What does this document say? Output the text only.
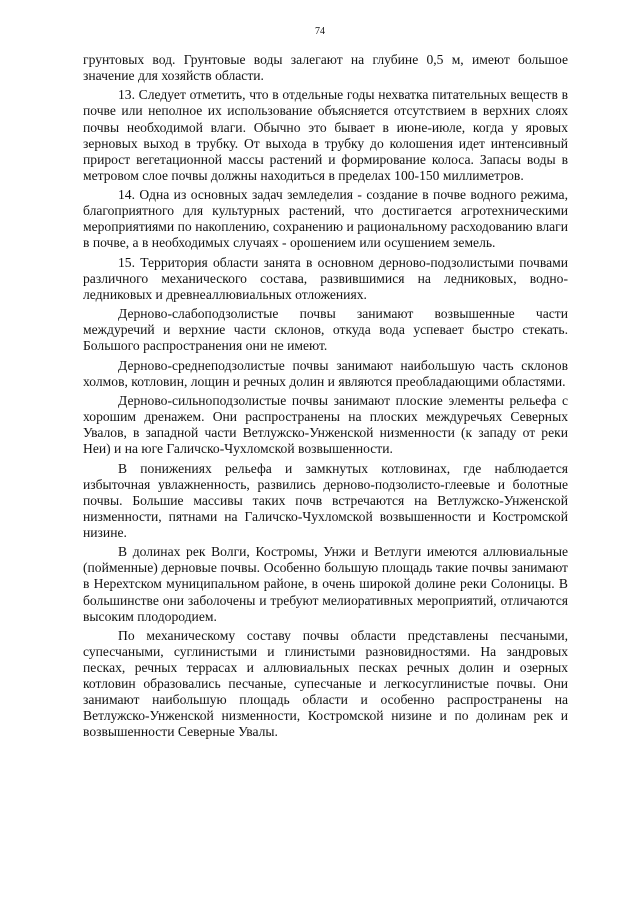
74

грунтовых вод. Грунтовые воды залегают на глубине 0,5 м, имеют большое значение для хозяйств области.

13. Следует отметить, что в отдельные годы нехватка питательных веществ в почве или неполное их использование объясняется отсутствием в верхних слоях почвы необходимой влаги. Обычно это бывает в июне-июле, когда у яровых зерновых выход в трубку. От выхода в трубку до колошения идет интенсивный прирост вегетационной массы растений и формирование колоса. Запасы воды в метровом слое почвы должны находиться в пределах 100-150 миллиметров.

14. Одна из основных задач земледелия - создание в почве водного режима, благоприятного для культурных растений, что достигается агротехническими мероприятиями по накоплению, сохранению и рациональному расходованию влаги в почве, а в необходимых случаях - орошением или осушением земель.

15. Территория области занята в основном дерново-подзолистыми почвами различного механического состава, развившимися на ледниковых, водно-ледниковых и древнеаллювиальных отложениях.

Дерново-слабоподзолистые почвы занимают возвышенные части междуречий и верхние части склонов, откуда вода успевает быстро стекать. Большого распространения они не имеют.

Дерново-среднеподзолистые почвы занимают наибольшую часть склонов холмов, котловин, лощин и речных долин и являются преобладающими областями.

Дерново-сильноподзолистые почвы занимают плоские элементы рельефа с хорошим дренажем. Они распространены на плоских междуречьях Северных Увалов, в западной части Ветлужско-Унженской низменности (к западу от реки Неи) и на юге Галичско-Чухломской возвышенности.

В понижениях рельефа и замкнутых котловинах, где наблюдается избыточная увлажненность, развились дерново-подзолисто-глеевые и болотные почвы. Большие массивы таких почв встречаются на Ветлужско-Унженской низменности, пятнами на Галичско-Чухломской возвышенности и Костромской низине.

В долинах рек Волги, Костромы, Унжи и Ветлуги имеются аллювиальные (пойменные) дерновые почвы. Особенно большую площадь такие почвы занимают в Нерехтском муниципальном районе, в очень широкой долине реки Солоницы. В большинстве они заболочены и требуют мелиоративных мероприятий, отличаются высоким плодородием.

По механическому составу почвы области представлены песчаными, супесчаными, суглинистыми и глинистыми разновидностями. На зандровых песках, речных террасах и аллювиальных песках речных долин и озерных котловин образовались песчаные, супесчаные и легкосуглинистые почвы. Они занимают наибольшую площадь области и особенно распространены на Ветлужско-Унженской низменности, Костромской низине и по долинам рек и возвышенности Северные Увалы.
